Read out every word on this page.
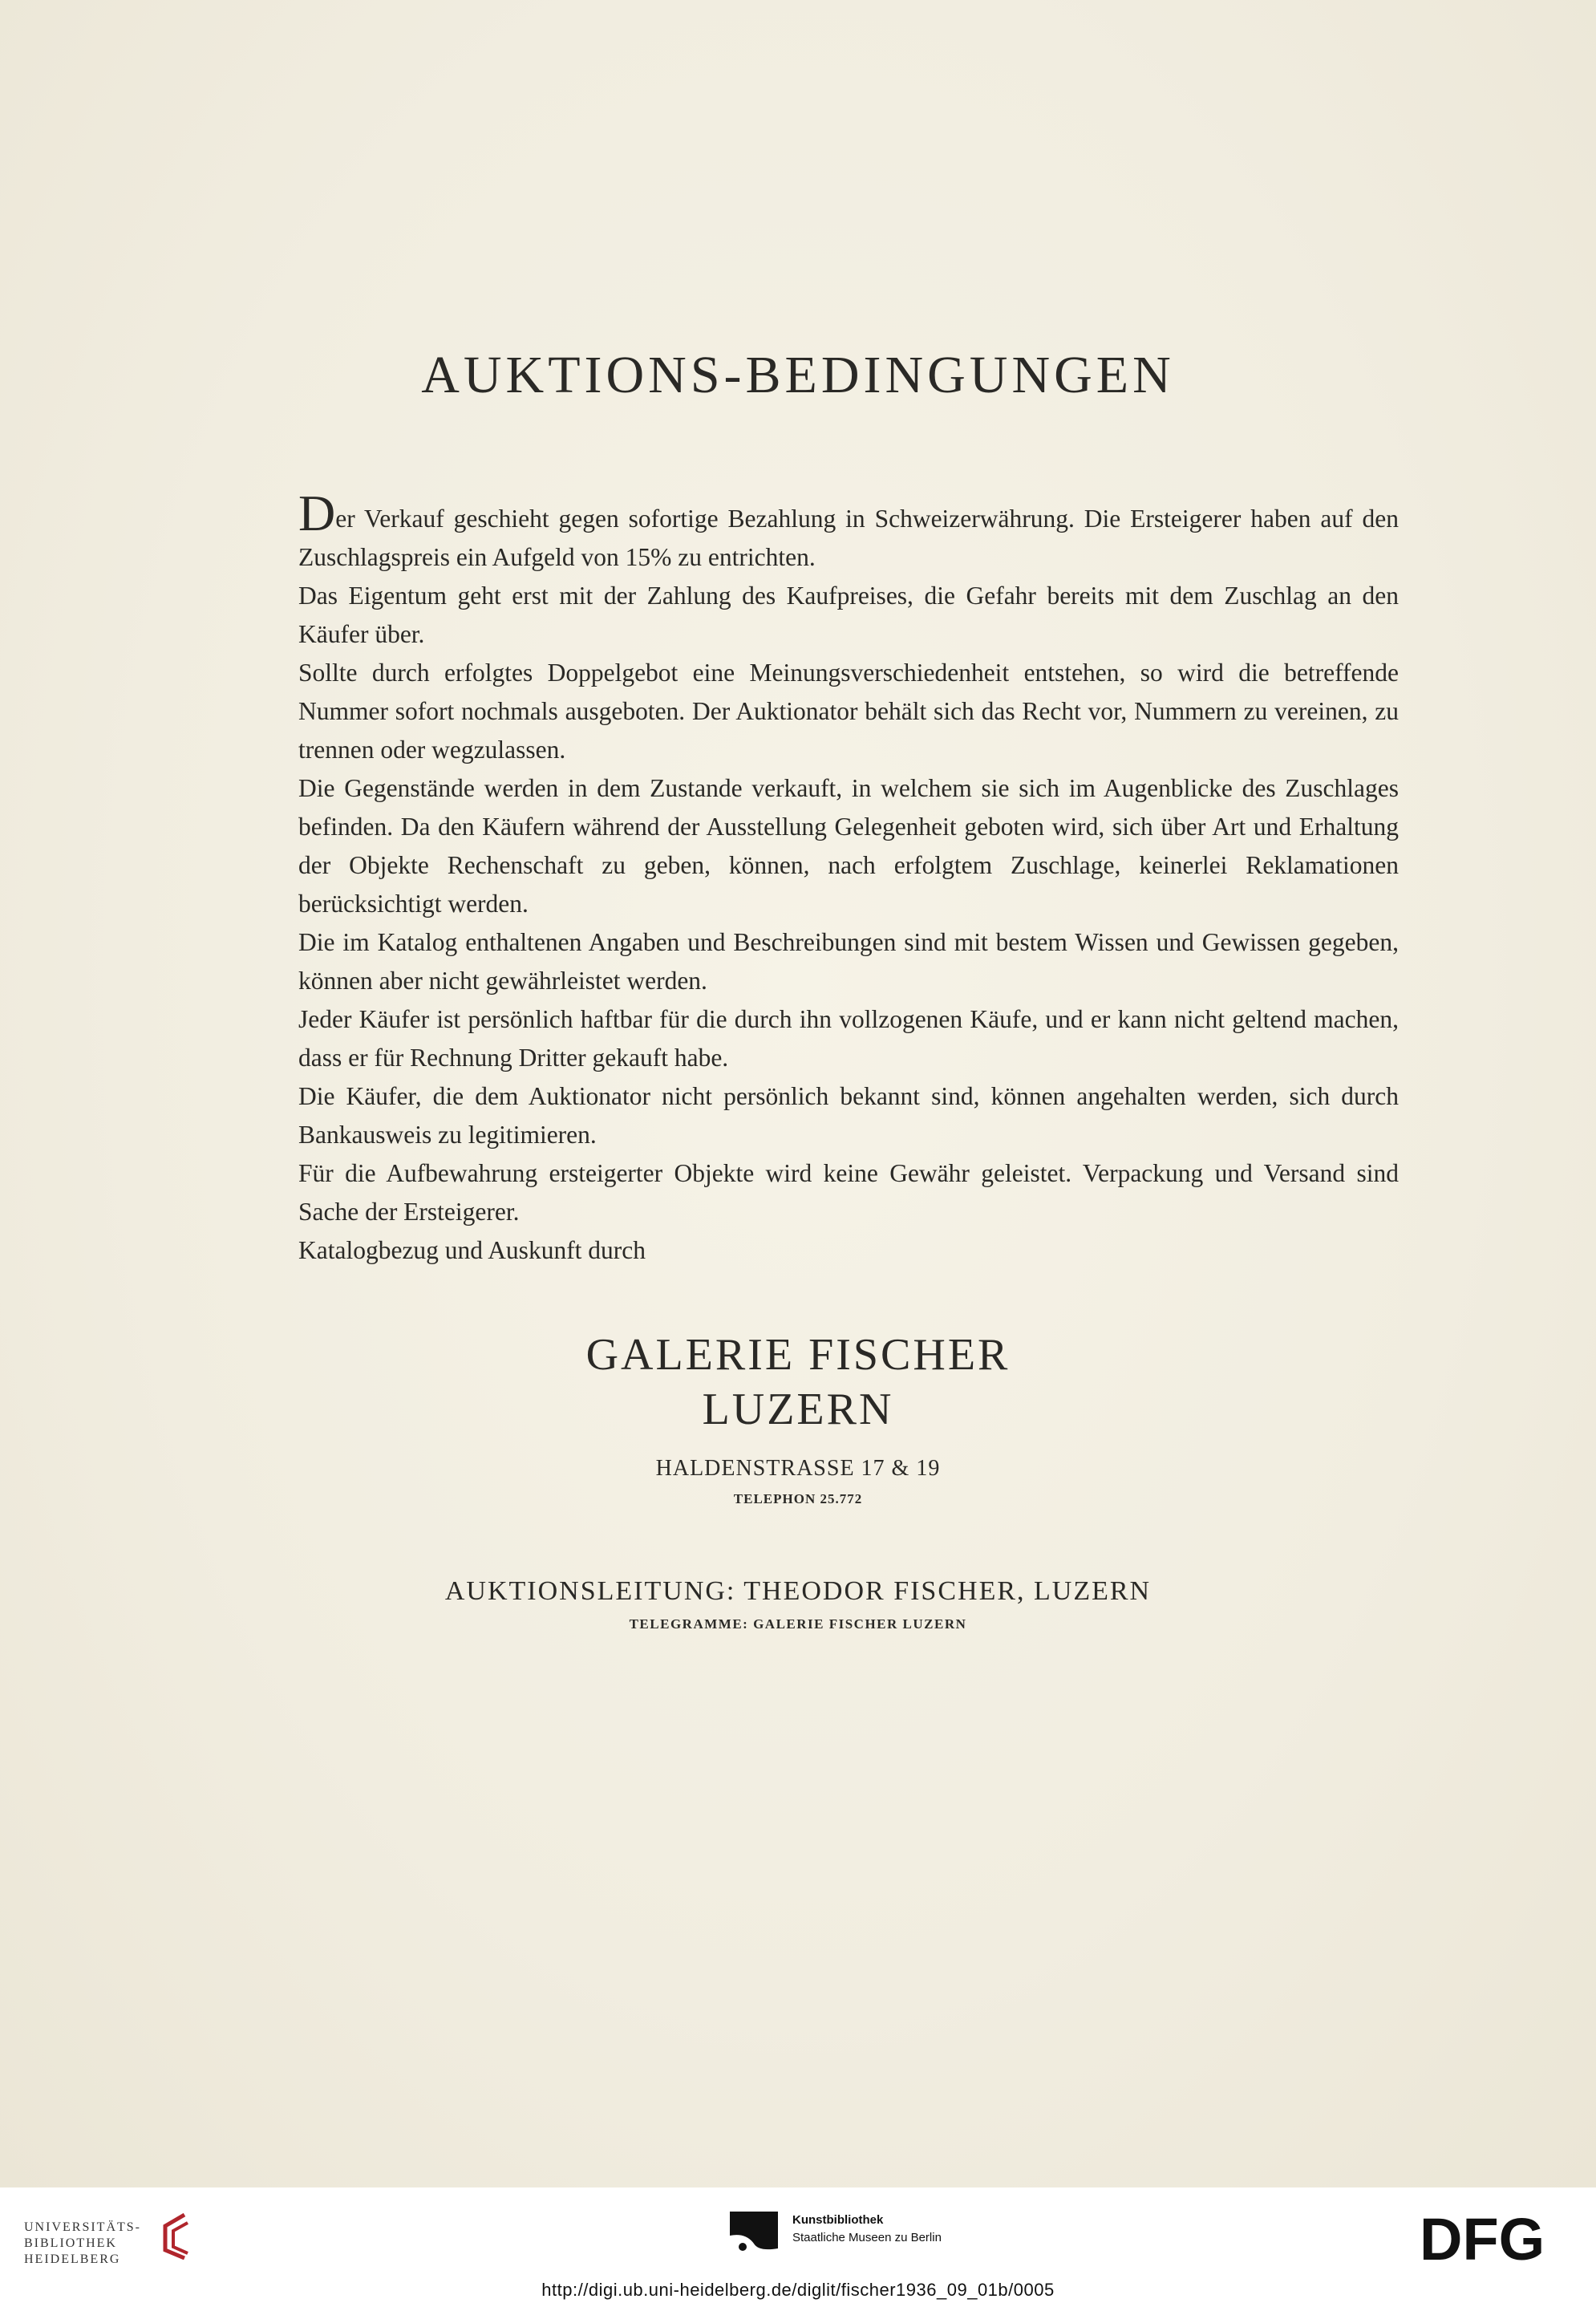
AUKTIONS-BEDINGUNGEN

Der Verkauf geschieht gegen sofortige Bezahlung in Schweizerwährung. Die Ersteigerer haben auf den Zuschlagspreis ein Aufgeld von 15% zu entrichten.

Das Eigentum geht erst mit der Zahlung des Kaufpreises, die Gefahr bereits mit dem Zuschlag an den Käufer über.

Sollte durch erfolgtes Doppelgebot eine Meinungsverschiedenheit entstehen, so wird die betreffende Nummer sofort nochmals ausgeboten. Der Auktionator behält sich das Recht vor, Nummern zu vereinen, zu trennen oder wegzulassen.

Die Gegenstände werden in dem Zustande verkauft, in welchem sie sich im Augenblicke des Zuschlages befinden. Da den Käufern während der Ausstellung Gelegenheit geboten wird, sich über Art und Erhaltung der Objekte Rechenschaft zu geben, können, nach erfolgtem Zuschlage, keinerlei Reklamationen berücksichtigt werden.

Die im Katalog enthaltenen Angaben und Beschreibungen sind mit bestem Wissen und Gewissen gegeben, können aber nicht gewährleistet werden.

Jeder Käufer ist persönlich haftbar für die durch ihn vollzogenen Käufe, und er kann nicht geltend machen, dass er für Rechnung Dritter gekauft habe.

Die Käufer, die dem Auktionator nicht persönlich bekannt sind, können angehalten werden, sich durch Bankausweis zu legitimieren.

Für die Aufbewahrung ersteigerter Objekte wird keine Gewähr geleistet. Verpackung und Versand sind Sache der Ersteigerer.

Katalogbezug und Auskunft durch

GALERIE FISCHER
LUZERN
HALDENSTRASSE 17 & 19
TELEPHON 25.772
AUKTIONSLEITUNG: THEODOR FISCHER, LUZERN
TELEGRAMME: GALERIE FISCHER LUZERN
UNIVERSITÄTS-
BIBLIOTHEK
HEIDELBERG
Kunstbibliothek
Staatliche Museen zu Berlin	DFG
http://digi.ub.uni-heidelberg.de/diglit/fischer1936_09_01b/0005
